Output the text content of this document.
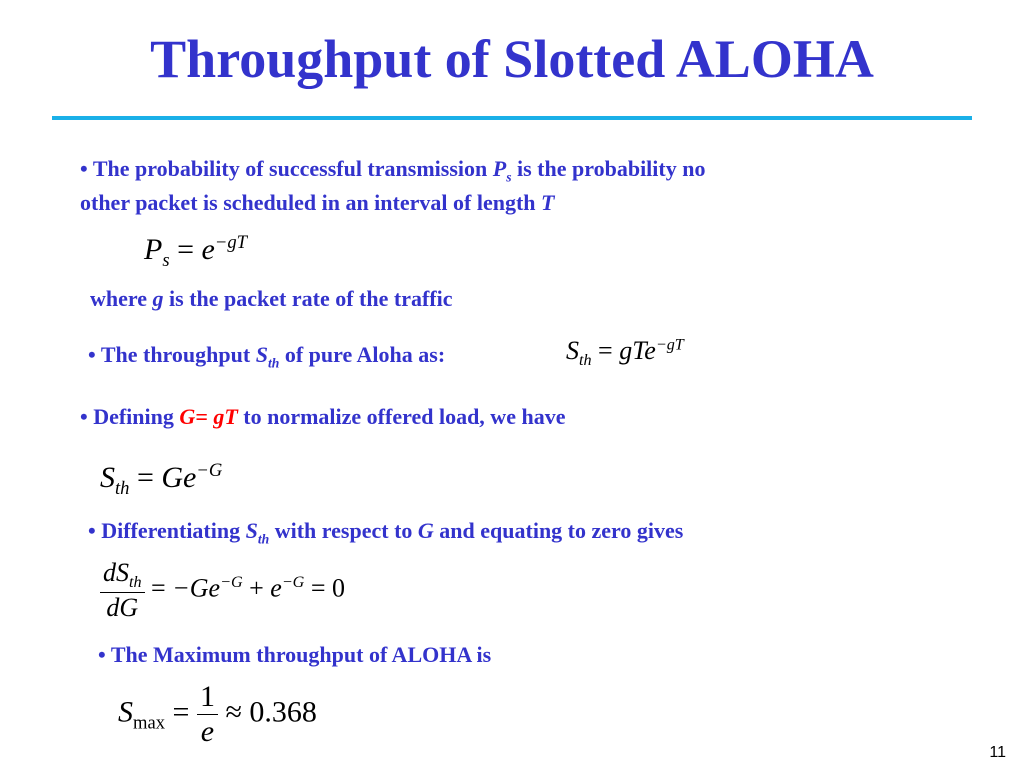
Throughput of Slotted ALOHA
• The probability of successful transmission $P_s$ is the probability no
other packet is scheduled in an interval of length T
$P_s = e^{-gT}$
where g is the packet rate of the traffic
• The throughput $S_{th}$ of pure Aloha as:	$S_{th} = gTe^{-gT}$
• Defining G= gT to normalize offered load, we have
$S_{th} = Ge^{-G}$
• Differentiating $S_{th}$ with respect to G and equating to zero gives
$\frac{dS_{th}}{dG} = -Ge^{-G} + e^{-G} = 0$
• The Maximum throughput of ALOHA is
$S_{max} = \frac{1}{e} \approx 0.368$
11
